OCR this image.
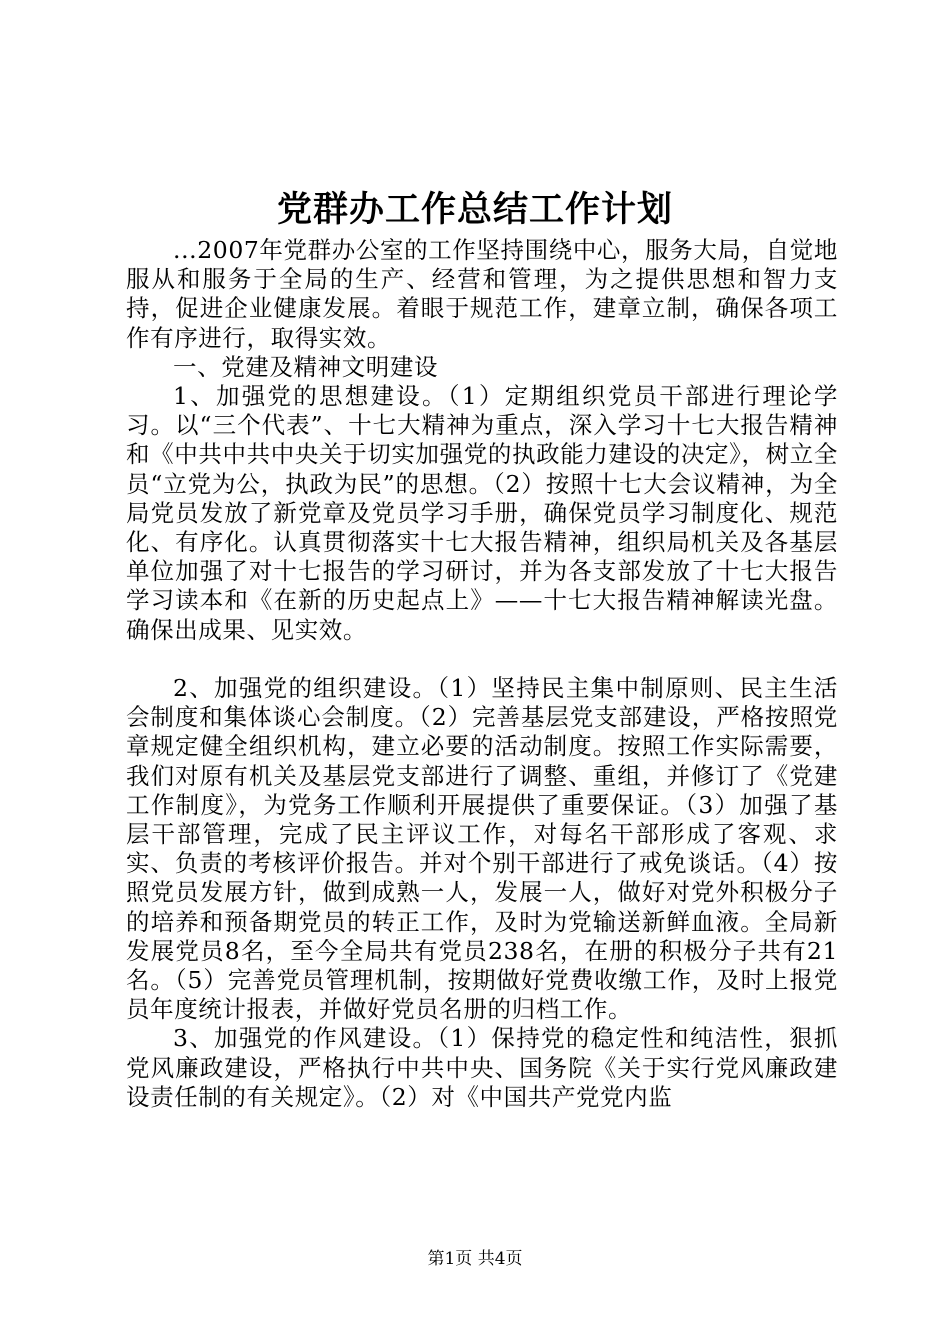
党群办工作总结工作计划

...2007年党群办公室的工作坚持围绕中心，服务大局，自觉地服从和服务于全局的生产、经营和管理，为之提供思想和智力支持，促进企业健康发展。着眼于规范工作，建章立制，确保各项工作有序进行，取得实效。

一、党建及精神文明建设

1、加强党的思想建设。（1）定期组织党员干部进行理论学习。以“三个代表”、十七大精神为重点，深入学习十七大报告精神和《中共中共中央关于切实加强党的执政能力建设的决定》，树立全员“立党为公，执政为民”的思想。（2）按照十七大会议精神，为全局党员发放了新党章及党员学习手册，确保党员学习制度化、规范化、有序化。认真贯彻落实十七大报告精神，组织局机关及各基层单位加强了对十七报告的学习研讨，并为各支部发放了十七大报告学习读本和《在新的历史起点上》——十七大报告精神解读光盘。确保出成果、见实效。

2、加强党的组织建设。（1）坚持民主集中制原则、民主生活会制度和集体谈心会制度。（2）完善基层党支部建设，严格按照党章规定健全组织机构，建立必要的活动制度。按照工作实际需要，我们对原有机关及基层党支部进行了调整、重组，并修订了《党建工作制度》，为党务工作顺利开展提供了重要保证。（3）加强了基层干部管理，完成了民主评议工作，对每名干部形成了客观、求实、负责的考核评价报告。并对个别干部进行了戒免谈话。（4）按照党员发展方针，做到成熟一人，发展一人，做好对党外积极分子的培养和预备期党员的转正工作，及时为党输送新鲜血液。全局新发展党员8名，至今全局共有党员238名，在册的积极分子共有21名。（5）完善党员管理机制，按期做好党费收缴工作，及时上报党员年度统计报表，并做好党员名册的归档工作。

3、加强党的作风建设。（1）保持党的稳定性和纯洁性，狠抓党风廉政建设，严格执行中共中央、国务院《关于实行党风廉政建设责任制的有关规定》。（2）对《中国共产党党内监

第1页 共4页
